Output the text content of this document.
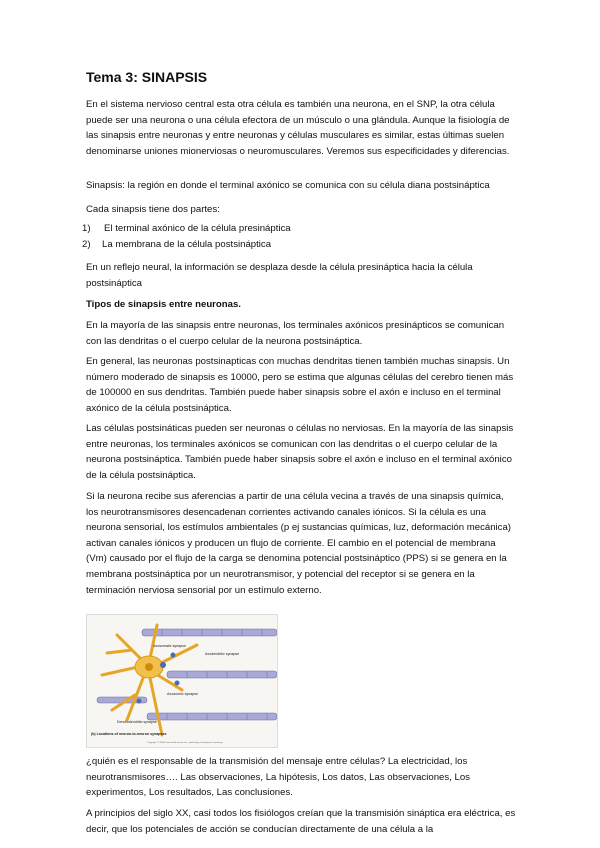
Tema 3: SINAPSIS

En el sistema nervioso central esta otra célula es también una neurona, en el SNP, la otra célula puede ser una neurona o una célula efectora de un músculo o una glándula. Aunque la fisiología de las sinapsis entre neuronas y entre neuronas y células musculares es similar, estas últimas suelen denominarse uniones mionerviosas o neuromusculares. Veremos sus especificidades y diferencias.

Sinapsis: la región en donde el terminal axónico se comunica con su célula diana postsináptica

Cada sinapsis tiene dos partes:

1)	El terminal axónico de la célula presináptica
2)	La membrana de la célula postsináptica

En un reflejo neural, la información se desplaza desde la célula presináptica hacia la célula postsináptica

Tipos de sinapsis entre neuronas.

En la mayoría de las sinapsis entre neuronas, los terminales axónicos presinápticos se comunican con las dendritas o el cuerpo celular de la neurona postsináptica.

En general, las neuronas postsinapticas con muchas dendritas tienen también muchas sinapsis. Un número moderado de sinapsis es 10000, pero se estima que algunas células del cerebro tienen más de 100000 en sus dendritas. También puede haber sinapsis sobre el axón e incluso en el terminal axónico de la célula postsináptica.

Las células postsináticas pueden ser neuronas o células no nerviosas. En la mayoría de las sinapsis entre neuronas, los terminales axónicos se comunican con las dendritas o el cuerpo celular de la neurona postsináptica. También puede haber sinapsis sobre el axón e incluso en el terminal axónico de la célula postsináptica.

Si la neurona recibe sus aferencias a partir de una célula vecina a través de una sinapsis química, los neurotransmisores desencadenan corrientes activando canales iónicos. Si la célula es una neurona sensorial, los estímulos ambientales (p ej sustancias químicas, luz, deformación mecánica) activan canales iónicos y producen un flujo de corriente. El cambio en el potencial de membrana (Vm) causado por el flujo de la carga se denomina potencial postsináptico (PPS) si se genera en la membrana postsináptica por un neurotransmisor, y potencial del receptor si se genera en la terminación nerviosa sensorial por un estímulo externo.

Axosomatic synapse
Axodendritic synapse
Axoaxonic synapse
Dendrodendritic synapse
(b) Locations of neuron-to-neuron synapses
Copyright © 2004 Pearson Education, Inc., publishing as Benjamin Cummings

¿quién es el responsable de la transmisión del mensaje entre células? La electricidad, los neurotransmisores…. Las observaciones, La hipótesis, Los datos, Las observaciones, Los experimentos, Los resultados, Las conclusiones.

A principios del siglo XX, casi todos los fisiólogos creían que la transmisión sináptica era eléctrica, es decir, que los potenciales de acción se conducían directamente de una célula a la
